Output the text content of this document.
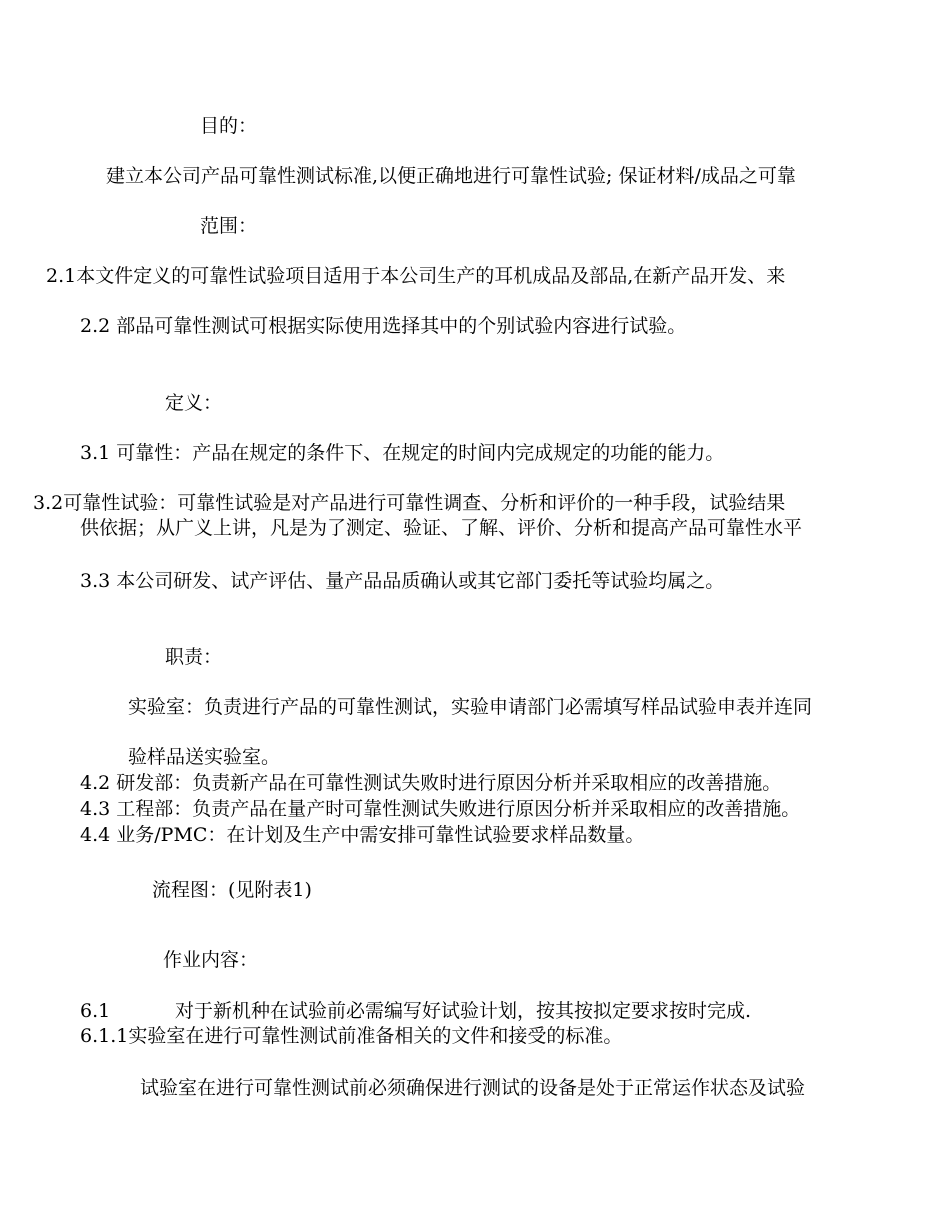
目的：
建立本公司产品可靠性测试标准,以便正确地进行可靠性试验; 保证材料/成品之可靠
范围：
2.1本文件定义的可靠性试验项目适用于本公司生产的耳机成品及部品,在新产品开发、来
2.2 部品可靠性测试可根据实际使用选择其中的个别试验内容进行试验。
定义：
3.1 可靠性：产品在规定的条件下、在规定的时间内完成规定的功能的能力。
3.2可靠性试验：可靠性试验是对产品进行可靠性调查、分析和评价的一种手段，试验结果
供依据；从广义上讲，凡是为了测定、验证、了解、评价、分析和提高产品可靠性水平
3.3 本公司研发、试产评估、量产品品质确认或其它部门委托等试验均属之。
职责：
实验室：负责进行产品的可靠性测试，实验申请部门必需填写样品试验申表并连同
验样品送实验室。
4.2 研发部：负责新产品在可靠性测试失败时进行原因分析并采取相应的改善措施。
4.3 工程部：负责产品在量产时可靠性测试失败进行原因分析并采取相应的改善措施。
4.4 业务/PMC：在计划及生产中需安排可靠性试验要求样品数量。
流程图：(见附表1)
作业内容：
6.1	对于新机种在试验前必需编写好试验计划，按其按拟定要求按时完成.
6.1.1实验室在进行可靠性测试前准备相关的文件和接受的标准。
试验室在进行可靠性测试前必须确保进行测试的设备是处于正常运作状态及试验
